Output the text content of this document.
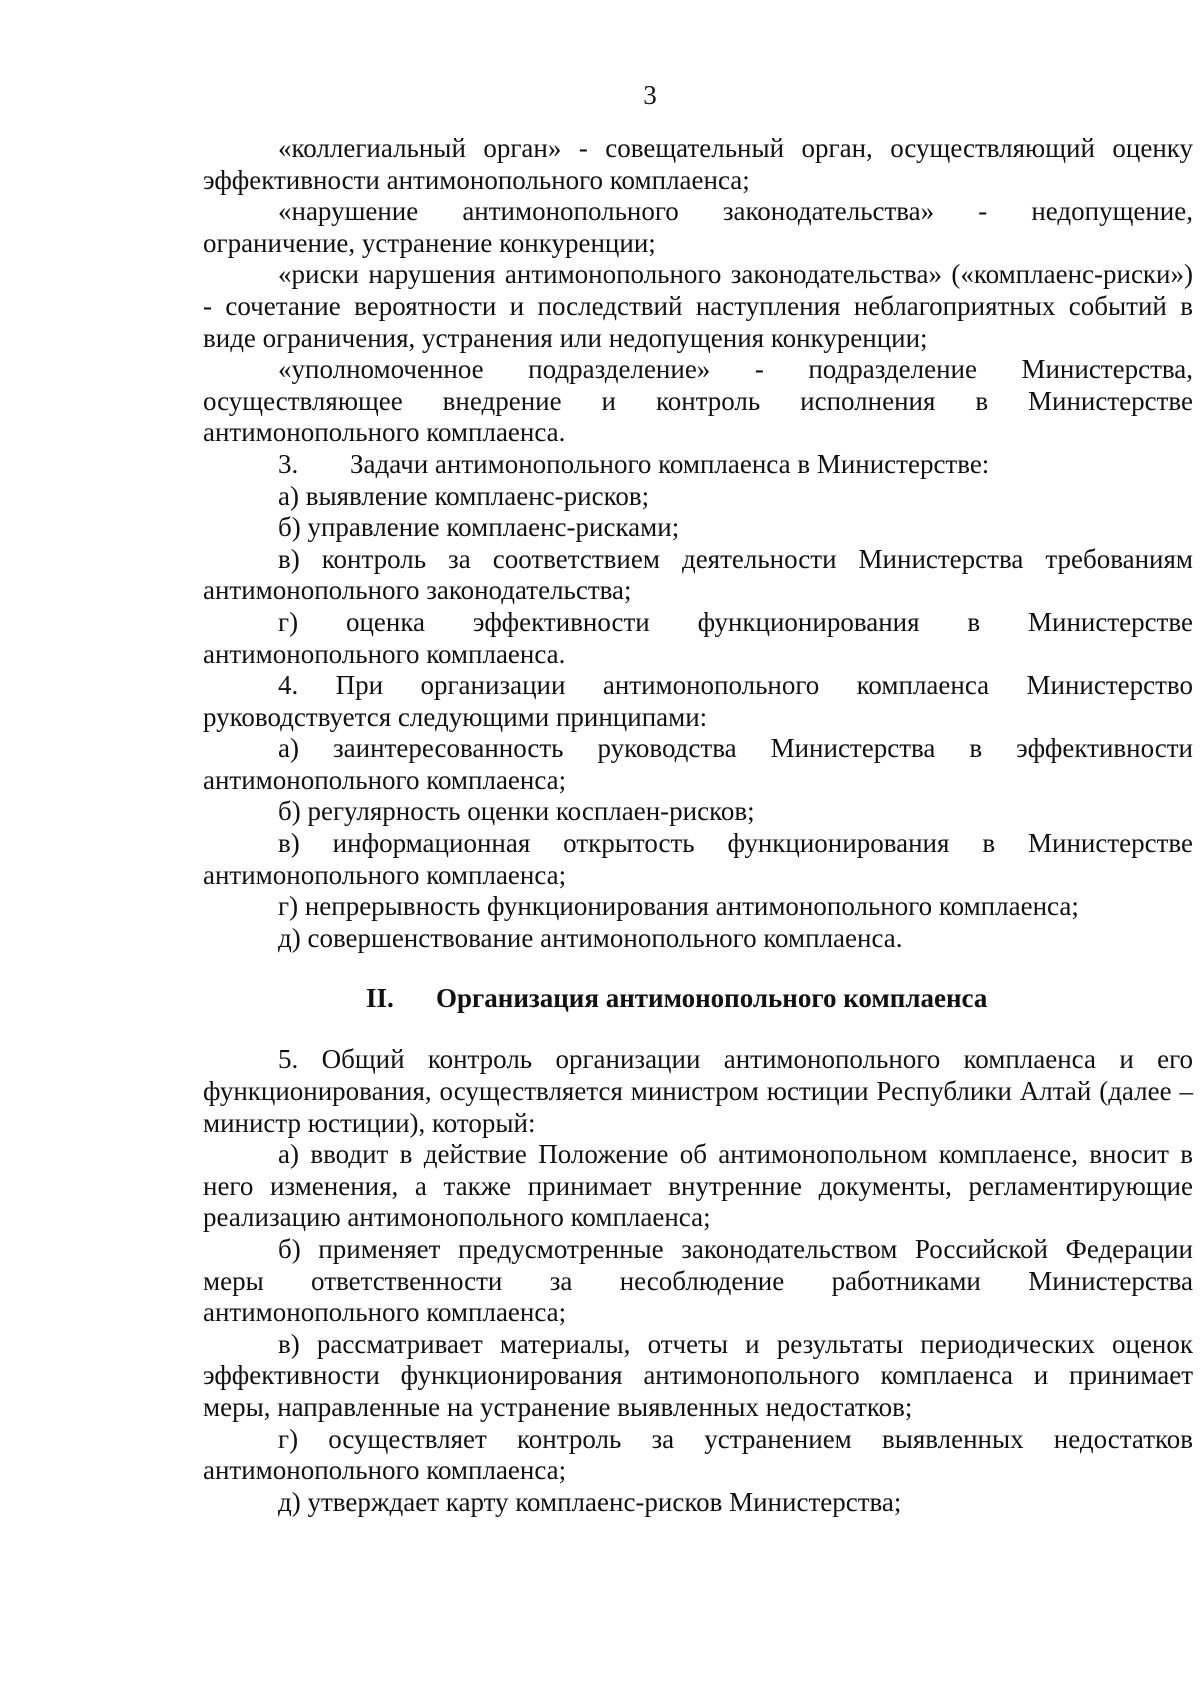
3

«коллегиальный орган» - совещательный орган, осуществляющий оценку эффективности антимонопольного комплаенса;

«нарушение антимонопольного законодательства» - недопущение, ограничение, устранение конкуренции;

«риски нарушения антимонопольного законодательства» («комплаенс-риски») - сочетание вероятности и последствий наступления неблагоприятных событий в виде ограничения, устранения или недопущения конкуренции;

«уполномоченное подразделение» - подразделение Министерства, осуществляющее внедрение и контроль исполнения в Министерстве антимонопольного комплаенса.

3. Задачи антимонопольного комплаенса в Министерстве:

а) выявление комплаенс-рисков;

б) управление комплаенс-рисками;

в) контроль за соответствием деятельности Министерства требованиям антимонопольного законодательства;

г) оценка эффективности функционирования в Министерстве антимонопольного комплаенса.

4. При организации антимонопольного комплаенса Министерство руководствуется следующими принципами:

а) заинтересованность руководства Министерства в эффективности антимонопольного комплаенса;

б) регулярность оценки косплаен-рисков;

в) информационная открытость функционирования в Министерстве антимонопольного комплаенса;

г) непрерывность функционирования антимонопольного комплаенса;

д) совершенствование антимонопольного комплаенса.

II. Организация антимонопольного комплаенса

5. Общий контроль организации антимонопольного комплаенса и его функционирования, осуществляется министром юстиции Республики Алтай (далее – министр юстиции), который:

а) вводит в действие Положение об антимонопольном комплаенсе, вносит в него изменения, а также принимает внутренние документы, регламентирующие реализацию антимонопольного комплаенса;

б) применяет предусмотренные законодательством Российской Федерации меры ответственности за несоблюдение работниками Министерства антимонопольного комплаенса;

в) рассматривает материалы, отчеты и результаты периодических оценок эффективности функционирования антимонопольного комплаенса и принимает меры, направленные на устранение выявленных недостатков;

г) осуществляет контроль за устранением выявленных недостатков антимонопольного комплаенса;

д) утверждает карту комплаенс-рисков Министерства;
